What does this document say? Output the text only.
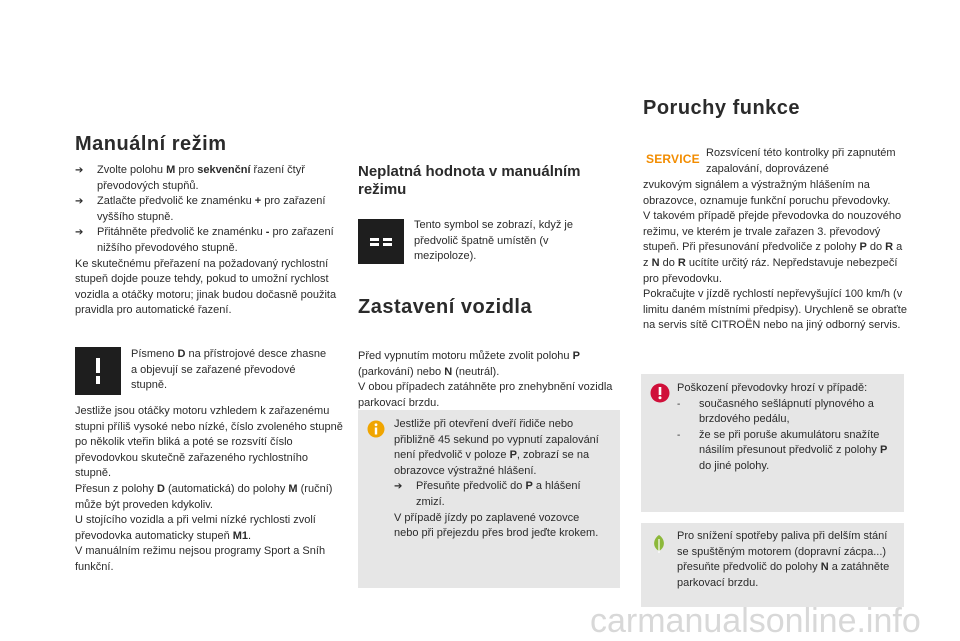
Manuální režim
➔	Zvolte polohu M pro sekvenční řazení čtyř převodových stupňů.
➔	Zatlačte předvolič ke znaménku + pro zařazení vyššího stupně.
➔	Přitáhněte předvolič ke znaménku - pro zařazení nižšího převodového stupně.
Ke skutečnému přeřazení na požadovaný rychlostní stupeň dojde pouze tehdy, pokud to umožní rychlost vozidla a otáčky motoru; jinak budou dočasně použita pravidla pro automatické řazení.
Písmeno D na přístrojové desce zhasne a objevují se zařazené převodové stupně.
Jestliže jsou otáčky motoru vzhledem k zařazenému stupni příliš vysoké nebo nízké, číslo zvoleného stupně po několik vteřin bliká a poté se rozsvítí číslo převodovkou skutečně zařazeného rychlostního stupně.
Přesun z polohy D (automatická) do polohy M (ruční) může být proveden kdykoliv.
U stojícího vozidla a při velmi nízké rychlosti zvolí převodovka automaticky stupeň M1.
V manuálním režimu nejsou programy Sport a Sníh funkční.
Neplatná hodnota v manuálním režimu
Tento symbol se zobrazí, když je předvolič špatně umístěn (v mezipoloze).
Zastavení vozidla
Před vypnutím motoru můžete zvolit polohu P (parkování) nebo N (neutrál).
V obou případech zatáhněte pro znehybnění vozidla parkovací brzdu.
Jestliže při otevření dveří řidiče nebo přibližně 45 sekund po vypnutí zapalování není předvolič v poloze P, zobrazí se na obrazovce výstražné hlášení.
➔	Přesuňte předvolič do P a hlášení zmizí.
V případě jízdy po zaplavené vozovce nebo při přejezdu přes brod jeďte krokem.
Poruchy funkce
SERVICE Rozsvícení této kontrolky při zapnutém zapalování, doprovázené
zvukovým signálem a výstražným hlášením na obrazovce, oznamuje funkční poruchu převodovky.
V takovém případě přejde převodovka do nouzového režimu, ve kterém je trvale zařazen 3. převodový stupeň. Při přesunování předvoliče z polohy P do R a z N do R ucítíte určitý ráz. Nepředstavuje nebezpečí pro převodovku.
Pokračujte v jízdě rychlostí nepřevyšující 100 km/h (v limitu daném místními předpisy). Urychleně se obraťte na servis sítě CITROËN nebo na jiný odborný servis.
Poškození převodovky hrozí v případě:
-	současného sešlápnutí plynového a brzdového pedálu,
-	že se při poruše akumulátoru snažíte násilím přesunout předvolič z polohy P do jiné polohy.
Pro snížení spotřeby paliva při delším stání se spuštěným motorem (dopravní zácpa...) přesuňte předvolič do polohy N a zatáhněte parkovací brzdu.
carmanualsonline.info
